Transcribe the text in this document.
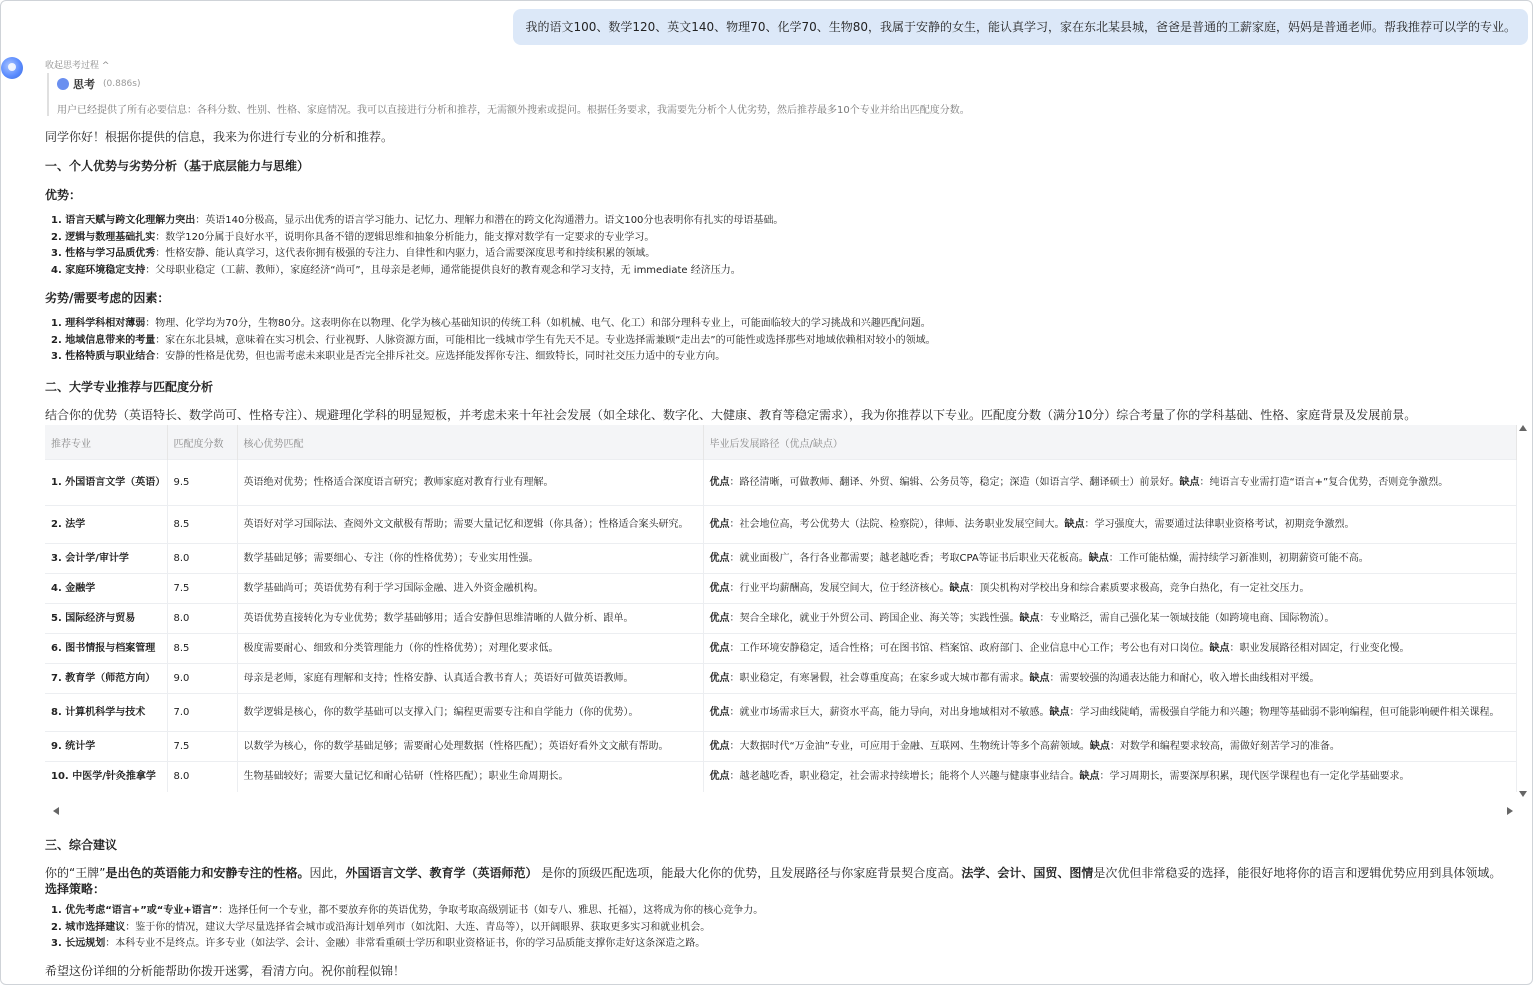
我的语文100、数学120、英文140、物理70、化学70、生物80，我属于安静的女生，能认真学习，家在东北某县城，爸爸是普通的工薪家庭，妈妈是普通老师。帮我推荐可以学的专业。
收起思考过程 ^
思考 (0.886s)
用户已经提供了所有必要信息：各科分数、性别、性格、家庭情况。我可以直接进行分析和推荐，无需额外搜索或提问。根据任务要求，我需要先分析个人优劣势，然后推荐最多10个专业并给出匹配度分数。

同学你好！根据你提供的信息，我来为你进行专业的分析和推荐。

一、个人优势与劣势分析（基于底层能力与思维）

优势：

1. 语言天赋与跨文化理解力突出：英语140分极高，显示出优秀的语言学习能力、记忆力、理解力和潜在的跨文化沟通潜力。语文100分也表明你有扎实的母语基础。
2. 逻辑与数理基础扎实：数学120分属于良好水平，说明你具备不错的逻辑思维和抽象分析能力，能支撑对数学有一定要求的专业学习。
3. 性格与学习品质优秀：性格安静、能认真学习，这代表你拥有极强的专注力、自律性和内驱力，适合需要深度思考和持续积累的领域。
4. 家庭环境稳定支持：父母职业稳定（工薪、教师），家庭经济“尚可”，且母亲是老师，通常能提供良好的教育观念和学习支持，无 immediate 经济压力。

劣势/需要考虑的因素：

1. 理科学科相对薄弱：物理、化学均为70分，生物80分。这表明你在以物理、化学为核心基础知识的传统工科（如机械、电气、化工）和部分理科专业上，可能面临较大的学习挑战和兴趣匹配问题。
2. 地域信息带来的考量：家在东北县城，意味着在实习机会、行业视野、人脉资源方面，可能相比一线城市学生有先天不足。专业选择需兼顾“走出去”的可能性或选择那些对地域依赖相对较小的领域。
3. 性格特质与职业结合：安静的性格是优势，但也需考虑未来职业是否完全排斥社交。应选择能发挥你专注、细致特长，同时社交压力适中的专业方向。

二、大学专业推荐与匹配度分析

结合你的优势（英语特长、数学尚可、性格专注）、规避理化学科的明显短板，并考虑未来十年社会发展（如全球化、数字化、大健康、教育等稳定需求），我为你推荐以下专业。匹配度分数（满分10分）综合考量了你的学科基础、性格、家庭背景及发展前景。

推荐专业	匹配度分数	核心优势匹配	毕业后发展路径（优点/缺点）
1. 外国语言文学（英语）	9.5	英语绝对优势；性格适合深度语言研究；教师家庭对教育行业有理解。	优点：路径清晰，可做教师、翻译、外贸、编辑、公务员等，稳定；深造（如语言学、翻译硕士）前景好。缺点：纯语言专业需打造“语言+”复合优势，否则竞争激烈。
2. 法学	8.5	英语好对学习国际法、查阅外文文献极有帮助；需要大量记忆和逻辑（你具备）；性格适合案头研究。	优点：社会地位高，考公优势大（法院、检察院），律师、法务职业发展空间大。缺点：学习强度大，需要通过法律职业资格考试，初期竞争激烈。
3. 会计学/审计学	8.0	数学基础足够；需要细心、专注（你的性格优势）；专业实用性强。	优点：就业面极广，各行各业都需要；越老越吃香；考取CPA等证书后职业天花板高。缺点：工作可能枯燥，需持续学习新准则，初期薪资可能不高。
4. 金融学	7.5	数学基础尚可；英语优势有利于学习国际金融、进入外资金融机构。	优点：行业平均薪酬高，发展空间大，位于经济核心。缺点：顶尖机构对学校出身和综合素质要求极高，竞争白热化，有一定社交压力。
5. 国际经济与贸易	8.0	英语优势直接转化为专业优势；数学基础够用；适合安静但思维清晰的人做分析、跟单。	优点：契合全球化，就业于外贸公司、跨国企业、海关等；实践性强。缺点：专业略泛，需自己强化某一领域技能（如跨境电商、国际物流）。
6. 图书情报与档案管理	8.5	极度需要耐心、细致和分类管理能力（你的性格优势）；对理化要求低。	优点：工作环境安静稳定，适合性格；可在图书馆、档案馆、政府部门、企业信息中心工作；考公也有对口岗位。缺点：职业发展路径相对固定，行业变化慢。
7. 教育学（师范方向）	9.0	母亲是老师，家庭有理解和支持；性格安静、认真适合教书育人；英语好可做英语教师。	优点：职业稳定，有寒暑假，社会尊重度高；在家乡或大城市都有需求。缺点：需要较强的沟通表达能力和耐心，收入增长曲线相对平缓。
8. 计算机科学与技术	7.0	数学逻辑是核心，你的数学基础可以支撑入门；编程更需要专注和自学能力（你的优势）。	优点：就业市场需求巨大，薪资水平高，能力导向，对出身地域相对不敏感。缺点：学习曲线陡峭，需极强自学能力和兴趣；物理等基础弱不影响编程，但可能影响硬件相关课程。
9. 统计学	7.5	以数学为核心，你的数学基础足够；需要耐心处理数据（性格匹配）；英语好看外文文献有帮助。	优点：大数据时代“万金油”专业，可应用于金融、互联网、生物统计等多个高薪领域。缺点：对数学和编程要求较高，需做好刻苦学习的准备。
10. 中医学/针灸推拿学	8.0	生物基础较好；需要大量记忆和耐心钻研（性格匹配）；职业生命周期长。	优点：越老越吃香，职业稳定，社会需求持续增长；能将个人兴趣与健康事业结合。缺点：学习周期长，需要深厚积累，现代医学课程也有一定化学基础要求。

三、综合建议

你的“王牌”是出色的英语能力和安静专注的性格。因此，外国语言文学、教育学（英语师范） 是你的顶级匹配选项，能最大化你的优势，且发展路径与你家庭背景契合度高。法学、会计、国贸、图情是次优但非常稳妥的选择，能很好地将你的语言和逻辑优势应用到具体领域。

选择策略：

1. 优先考虑“语言+”或“专业+语言”：选择任何一个专业，都不要放弃你的英语优势，争取考取高级别证书（如专八、雅思、托福），这将成为你的核心竞争力。
2. 城市选择建议：鉴于你的情况，建议大学尽量选择省会城市或沿海计划单列市（如沈阳、大连、青岛等），以开阔眼界、获取更多实习和就业机会。
3. 长远规划：本科专业不是终点。许多专业（如法学、会计、金融）非常看重硕士学历和职业资格证书，你的学习品质能支撑你走好这条深造之路。

希望这份详细的分析能帮助你拨开迷雾，看清方向。祝你前程似锦！
